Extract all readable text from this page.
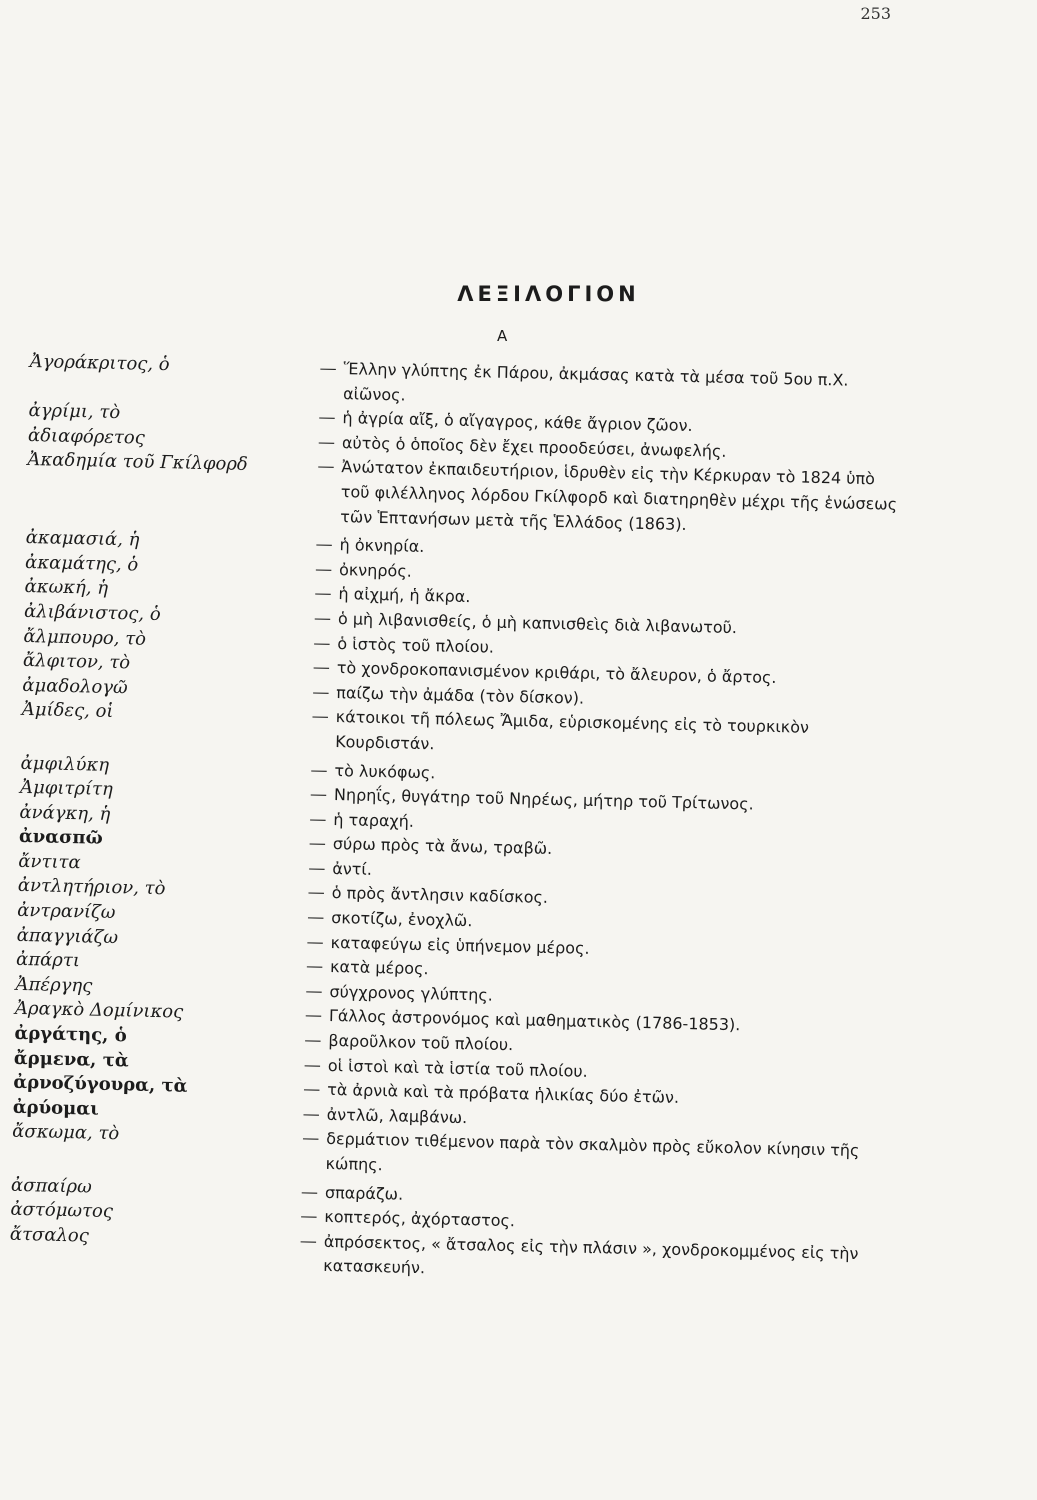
253
ΛΕΞΙΛΟΓΙΟΝ
Α
Ἀγοράκριτος, ὁ	— Ἕλλην γλύπτης ἐκ Πάρου, ἀκμάσας κατὰ τὰ μέσα τοῦ 5ου π.Χ. αἰῶνος.
ἀγρίμι, τὸ	— ἡ ἀγρία αἴξ, ὁ αἴγαγρος, κάθε ἄγριον ζῶον.
ἀδιαφόρετος	— αὐτὸς ὁ ὁποῖος δὲν ἔχει προοδεύσει, ἀνωφελής.
Ἀκαδημία τοῦ Γκίλφορδ	— Ἀνώτατον ἐκπαιδευτήριον, ἱδρυθὲν εἰς τὴν Κέρκυραν τὸ 1824 ὑπὸ τοῦ φιλέλληνος λόρδου Γκίλφορδ καὶ διατηρηθὲν μέχρι τῆς ἑνώσεως τῶν Ἑπτανήσων μετὰ τῆς Ἑλλάδος (1863).
ἀκαμασιά, ἡ	— ἡ ὀκνηρία.
ἀκαμάτης, ὁ	— ὀκνηρός.
ἀκωκή, ἡ	— ἡ αἰχμή, ἡ ἄκρα.
ἀλιβάνιστος, ὁ	— ὁ μὴ λιβανισθείς, ὁ μὴ καπνισθεὶς διὰ λιβανωτοῦ.
ἄλμπουρο, τὸ	— ὁ ἱστὸς τοῦ πλοίου.
ἄλφιτον, τὸ	— τὸ χονδροκοπανισμένον κριθάρι, τὸ ἄλευρον, ὁ ἄρτος.
ἀμαδολογῶ	— παίζω τὴν ἀμάδα (τὸν δίσκον).
Ἀμίδες, οἱ	— κάτοικοι τῆ πόλεως Ἄμιδα, εὑρισκομένης εἰς τὸ τουρκικὸν Κουρδιστάν.
ἀμφιλύκη	— τὸ λυκόφως.
Ἀμφιτρίτη	— Νηρηΐς, θυγάτηρ τοῦ Νηρέως, μήτηρ τοῦ Τρίτωνος.
ἀνάγκη, ἡ	— ἡ ταραχή.
ἀνασπῶ	— σύρω πρὸς τὰ ἄνω, τραβῶ.
ἄντιτα	— ἀντί.
ἀντλητήριον, τὸ	— ὁ πρὸς ἄντλησιν καδίσκος.
ἀντρανίζω	— σκοτίζω, ἐνοχλῶ.
ἀπαγγιάζω	— καταφεύγω εἰς ὑπήνεμον μέρος.
ἀπάρτι	— κατὰ μέρος.
Ἀπέργης	— σύγχρονος γλύπτης.
Ἀραγκὸ Δομίνικος	— Γάλλος ἀστρονόμος καὶ μαθηματικὸς (1786-1853).
ἀργάτης, ὁ	— βαροῦλκον τοῦ πλοίου.
ἄρμενα, τὰ	— οἱ ἱστοὶ καὶ τὰ ἱστία τοῦ πλοίου.
ἀρνοζύγουρα, τὰ	— τὰ ἀρνιὰ καὶ τὰ πρόβατα ἡλικίας δύο ἐτῶν.
ἀρύομαι	— ἀντλῶ, λαμβάνω.
ἄσκωμα, τὸ	— δερμάτιον τιθέμενον παρὰ τὸν σκαλμὸν πρὸς εὔκολον κίνησιν τῆς κώπης.
ἀσπαίρω	— σπαράζω.
ἀστόμωτος	— κοπτερός, ἀχόρταστος.
ἄτσαλος	— ἀπρόσεκτος, « ἄτσαλος εἰς τὴν πλάσιν », χονδροκομμένος εἰς τὴν κατασκευήν.
